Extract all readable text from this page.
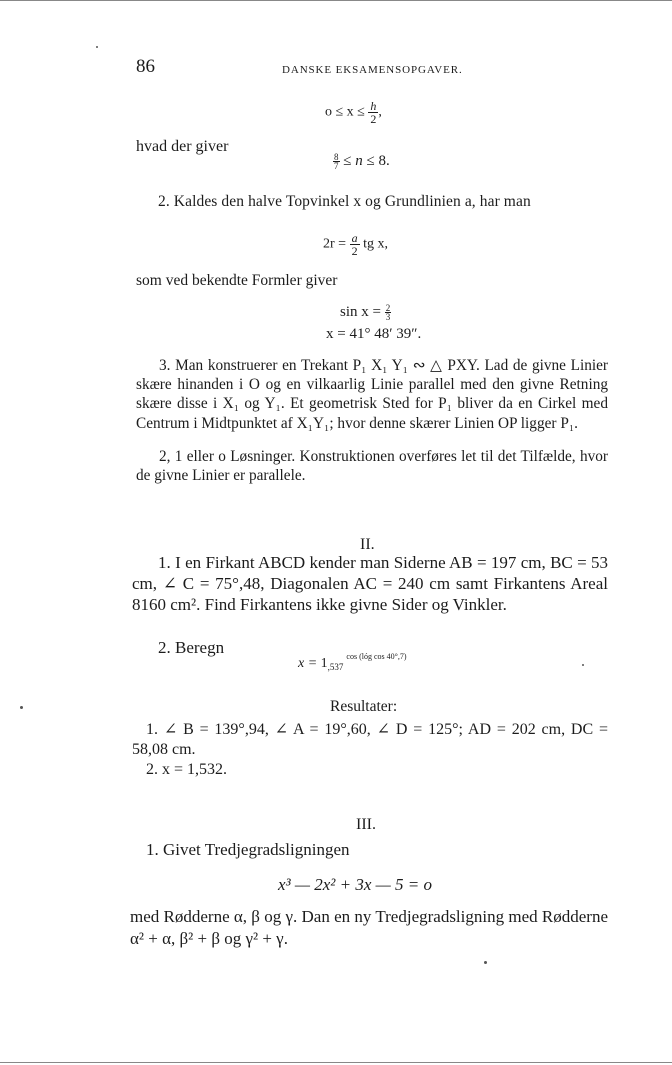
86	DANSKE EKSAMENSOPGAVER.
$o \le x \le \frac{h}{2}$ ,
hvad der giver
$\frac{8}{7} \le n \le 8$.
2. Kaldes den halve Topvinkel x og Grundlinien a, har man
$2r = \frac{a}{2}$ tg x,
som ved bekendte Formler giver
$\sin x = \frac{2}{3}$
x = 41° 48′ 39″.
3. Man konstruerer en Trekant P₁ X₁ Y₁ ∾ △ PXY. Lad de givne Linier skære hinanden i O og en vilkaarlig Linie parallel med den givne Retning skære disse i X₁ og Y₁. Et geometrisk Sted for P₁ bliver da en Cirkel med Centrum i Midtpunktet af X₁Y₁; hvor denne skærer Linien OP ligger P₁.
2, 1 eller o Løsninger. Konstruktionen overføres let til det Tilfælde, hvor de givne Linier er parallele.
II.
1. I en Firkant ABCD kender man Siderne AB = 197 cm, BC = 53 cm, ∠ C = 75°,48, Diagonalen AC = 240 cm samt Firkantens Areal 8160 cm². Find Firkantens ikke givne Sider og Vinkler.
2. Beregn
$x = 1_{,537}^{cos (lóg cos 40^\circ,7)}$
Resultater:
1. ∠ B = 139°,94, ∠ A = 19°,60, ∠ D = 125°; AD = 202 cm, DC = 58,08 cm.
2. x = 1,532.
III.
1. Givet Tredjegradsligningen
x³ — 2x² + 3x — 5 = o
med Rødderne α, β og γ. Dan en ny Tredjegradsligning med Rødderne α² + α, β² + β og γ² + γ.
